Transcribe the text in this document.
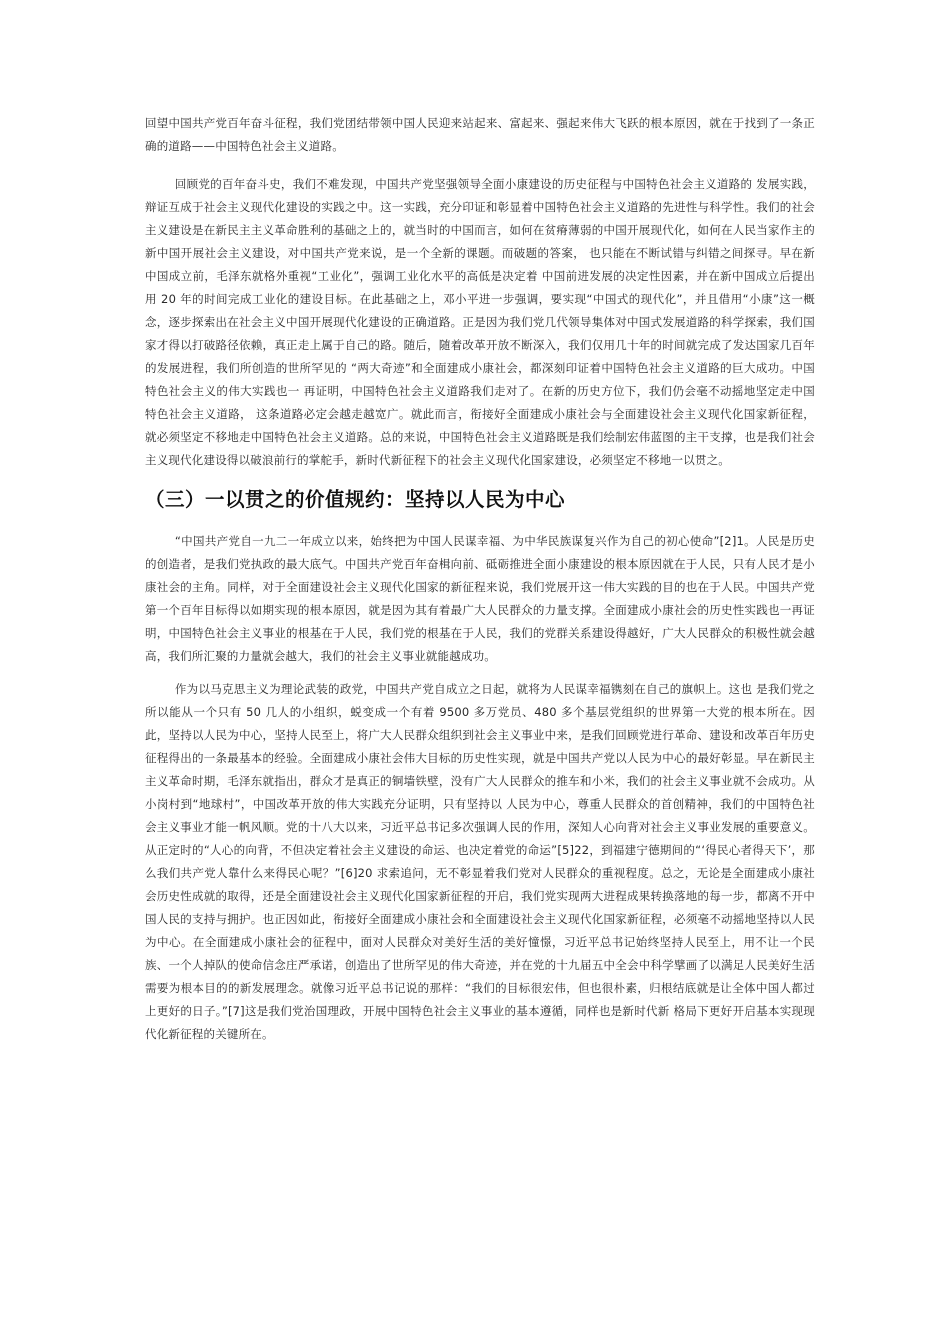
回望中国共产党百年奋斗征程，我们党团结带领中国人民迎来站起来、富起来、强起来伟大飞跃的根本原因，就在于找到了一条正确的道路——中国特色社会主义道路。

回顾党的百年奋斗史，我们不难发现，中国共产党坚强领导全面小康建设的历史征程与中国特色社会主义道路的 发展实践，辩证互成于社会主义现代化建设的实践之中。这一实践，充分印证和彰显着中国特色社会主义道路的先进性与科学性。我们的社会主义建设是在新民主主义革命胜利的基础之上的，就当时的中国而言，如何在贫瘠薄弱的中国开展现代化，如何在人民当家作主的新中国开展社会主义建设，对中国共产党来说，是一个全新的课题。而破题的答案， 也只能在不断试错与纠错之间探寻。早在新中国成立前，毛泽东就格外重视“工业化”，强调工业化水平的高低是决定着 中国前进发展的决定性因素，并在新中国成立后提出用 20 年的时间完成工业化的建设目标。在此基础之上，邓小平进一步强调，要实现“中国式的现代化”，并且借用“小康”这一概念，逐步探索出在社会主义中国开展现代化建设的正确道路。正是因为我们党几代领导集体对中国式发展道路的科学探索，我们国家才得以打破路径依赖，真正走上属于自己的路。随后，随着改革开放不断深入，我们仅用几十年的时间就完成了发达国家几百年的发展进程，我们所创造的世所罕见的 “两大奇迹”和全面建成小康社会，都深刻印证着中国特色社会主义道路的巨大成功。中国特色社会主义的伟大实践也一 再证明，中国特色社会主义道路我们走对了。在新的历史方位下，我们仍会毫不动摇地坚定走中国特色社会主义道路， 这条道路必定会越走越宽广。就此而言，衔接好全面建成小康社会与全面建设社会主义现代化国家新征程，就必须坚定不移地走中国特色社会主义道路。总的来说，中国特色社会主义道路既是我们绘制宏伟蓝图的主干支撑，也是我们社会主义现代化建设得以破浪前行的掌舵手，新时代新征程下的社会主义现代化国家建设，必须坚定不移地一以贯之。

（三）一以贯之的价值规约：坚持以人民为中心

“中国共产党自一九二一年成立以来，始终把为中国人民谋幸福、为中华民族谋复兴作为自己的初心使命”[2]1。人民是历史的创造者，是我们党执政的最大底气。中国共产党百年奋楫向前、砥砺推进全面小康建设的根本原因就在于人民，只有人民才是小康社会的主角。同样，对于全面建设社会主义现代化国家的新征程来说，我们党展开这一伟大实践的目的也在于人民。中国共产党第一个百年目标得以如期实现的根本原因，就是因为其有着最广大人民群众的力量支撑。全面建成小康社会的历史性实践也一再证明，中国特色社会主义事业的根基在于人民，我们党的根基在于人民，我们的党群关系建设得越好，广大人民群众的积极性就会越高，我们所汇聚的力量就会越大，我们的社会主义事业就能越成功。

作为以马克思主义为理论武装的政党，中国共产党自成立之日起，就将为人民谋幸福镌刻在自己的旗帜上。这也 是我们党之所以能从一个只有 50 几人的小组织，蜕变成一个有着 9500 多万党员、480 多个基层党组织的世界第一大党的根本所在。因此，坚持以人民为中心，坚持人民至上，将广大人民群众组织到社会主义事业中来，是我们回顾党进行革命、建设和改革百年历史征程得出的一条最基本的经验。全面建成小康社会伟大目标的历史性实现，就是中国共产党以人民为中心的最好彰显。早在新民主主义革命时期，毛泽东就指出，群众才是真正的铜墙铁壁，没有广大人民群众的推车和小米，我们的社会主义事业就不会成功。从小岗村到“地球村”，中国改革开放的伟大实践充分证明，只有坚持以 人民为中心，尊重人民群众的首创精神，我们的中国特色社会主义事业才能一帆风顺。党的十八大以来，习近平总书记多次强调人民的作用，深知人心向背对社会主义事业发展的重要意义。从正定时的“人心的向背，不但决定着社会主义建设的命运、也决定着党的命运”[5]22，到福建宁德期间的“‘得民心者得天下’，那么我们共产党人靠什么来得民心呢？”[6]20 求索追问，无不彰显着我们党对人民群众的重视程度。总之，无论是全面建成小康社会历史性成就的取得，还是全面建设社会主义现代化国家新征程的开启，我们党实现两大进程成果转换落地的每一步，都离不开中国人民的支持与拥护。也正因如此，衔接好全面建成小康社会和全面建设社会主义现代化国家新征程，必须毫不动摇地坚持以人民为中心。在全面建成小康社会的征程中，面对人民群众对美好生活的美好憧憬，习近平总书记始终坚持人民至上，用不让一个民族、一个人掉队的使命信念庄严承诺，创造出了世所罕见的伟大奇迹，并在党的十九届五中全会中科学擘画了以满足人民美好生活需要为根本目的的新发展理念。就像习近平总书记说的那样：“我们的目标很宏伟，但也很朴素，归根结底就是让全体中国人都过上更好的日子。”[7]这是我们党治国理政，开展中国特色社会主义事业的基本遵循，同样也是新时代新 格局下更好开启基本实现现代化新征程的关键所在。
